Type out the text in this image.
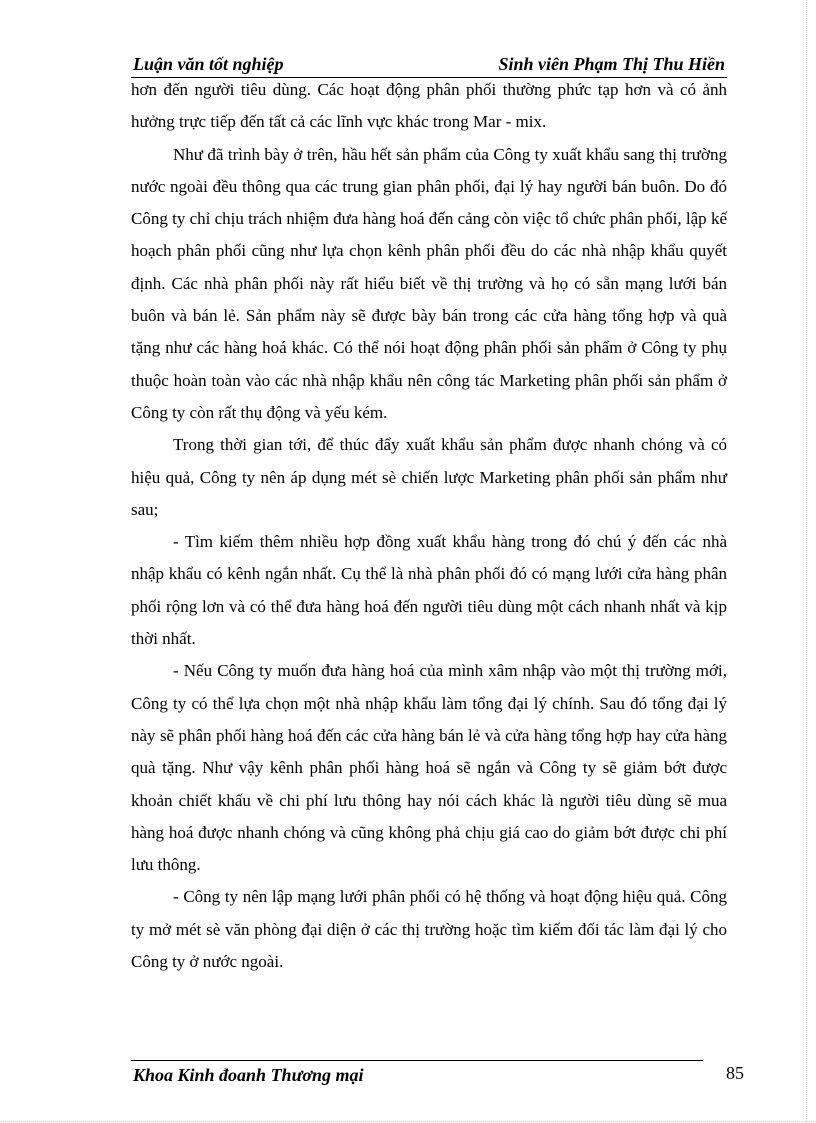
Luận văn tốt nghiệp	Sinh viên Phạm Thị Thu Hiền

hơn đến người tiêu dùng. Các hoạt động phân phối thường phức tạp hơn và có ảnh hưởng trực tiếp đến tất cả các lĩnh vực khác trong Mar - mix.

Như đã trình bày ở trên, hầu hết sản phẩm của Công ty xuất khẩu sang thị trường nước ngoài đều thông qua các trung gian phân phối, đại lý hay người bán buôn. Do đó Công ty chỉ chịu trách nhiệm đưa hàng hoá đến cảng còn việc tổ chức phân phối, lập kế hoạch phân phối cũng như lựa chọn kênh phân phối đều do các nhà nhập khẩu quyết định. Các nhà phân phối này rất hiểu biết về thị trường và họ có sẵn mạng lưới bán buôn và bán lẻ. Sản phẩm này sẽ được bày bán trong các cửa hàng tổng hợp và quà tặng như các hàng hoá khác. Có thể nói hoạt động phân phối sản phẩm ở Công ty phụ thuộc hoàn toàn vào các nhà nhập khẩu nên công tác Marketing phân phối sản phẩm ở Công ty còn rất thụ động và yếu kém.

Trong thời gian tới, để thúc đẩy xuất khẩu sản phẩm được nhanh chóng và có hiệu quả, Công ty nên áp dụng mét sè chiến lược Marketing phân phối sản phẩm như sau;

- Tìm kiếm thêm nhiều hợp đồng xuất khẩu hàng trong đó chú ý đến các nhà nhập khẩu có kênh ngắn nhất. Cụ thể là nhà phân phối đó có mạng lưới cửa hàng phân phối rộng lơn và có thể đưa hàng hoá đến người tiêu dùng một cách nhanh nhất và kịp thời nhất.

- Nếu Công ty muốn đưa hàng hoá của mình xâm nhập vào một thị trường mới, Công ty có thể lựa chọn một nhà nhập khẩu làm tổng đại lý chính. Sau đó tổng đại lý này sẽ phân phối hàng hoá đến các cửa hàng bán lẻ và cửa hàng tổng hợp hay cửa hàng quà tặng. Như vậy kênh phân phối hàng hoá sẽ ngắn và Công ty sẽ giảm bớt được khoản chiết khấu về chi phí lưu thông hay nói cách khác là người tiêu dùng sẽ mua hàng hoá được nhanh chóng và cũng không phả chịu giá cao do giảm bớt được chi phí lưu thông.

- Công ty nên lập mạng lưới phân phối có hệ thống và hoạt động hiệu quả. Công ty mở mét sè văn phòng đại diện ở các thị trường hoặc tìm kiếm đối tác làm đại lý cho Công ty ở nước ngoài.

Khoa Kinh đoanh Thương mại	85
